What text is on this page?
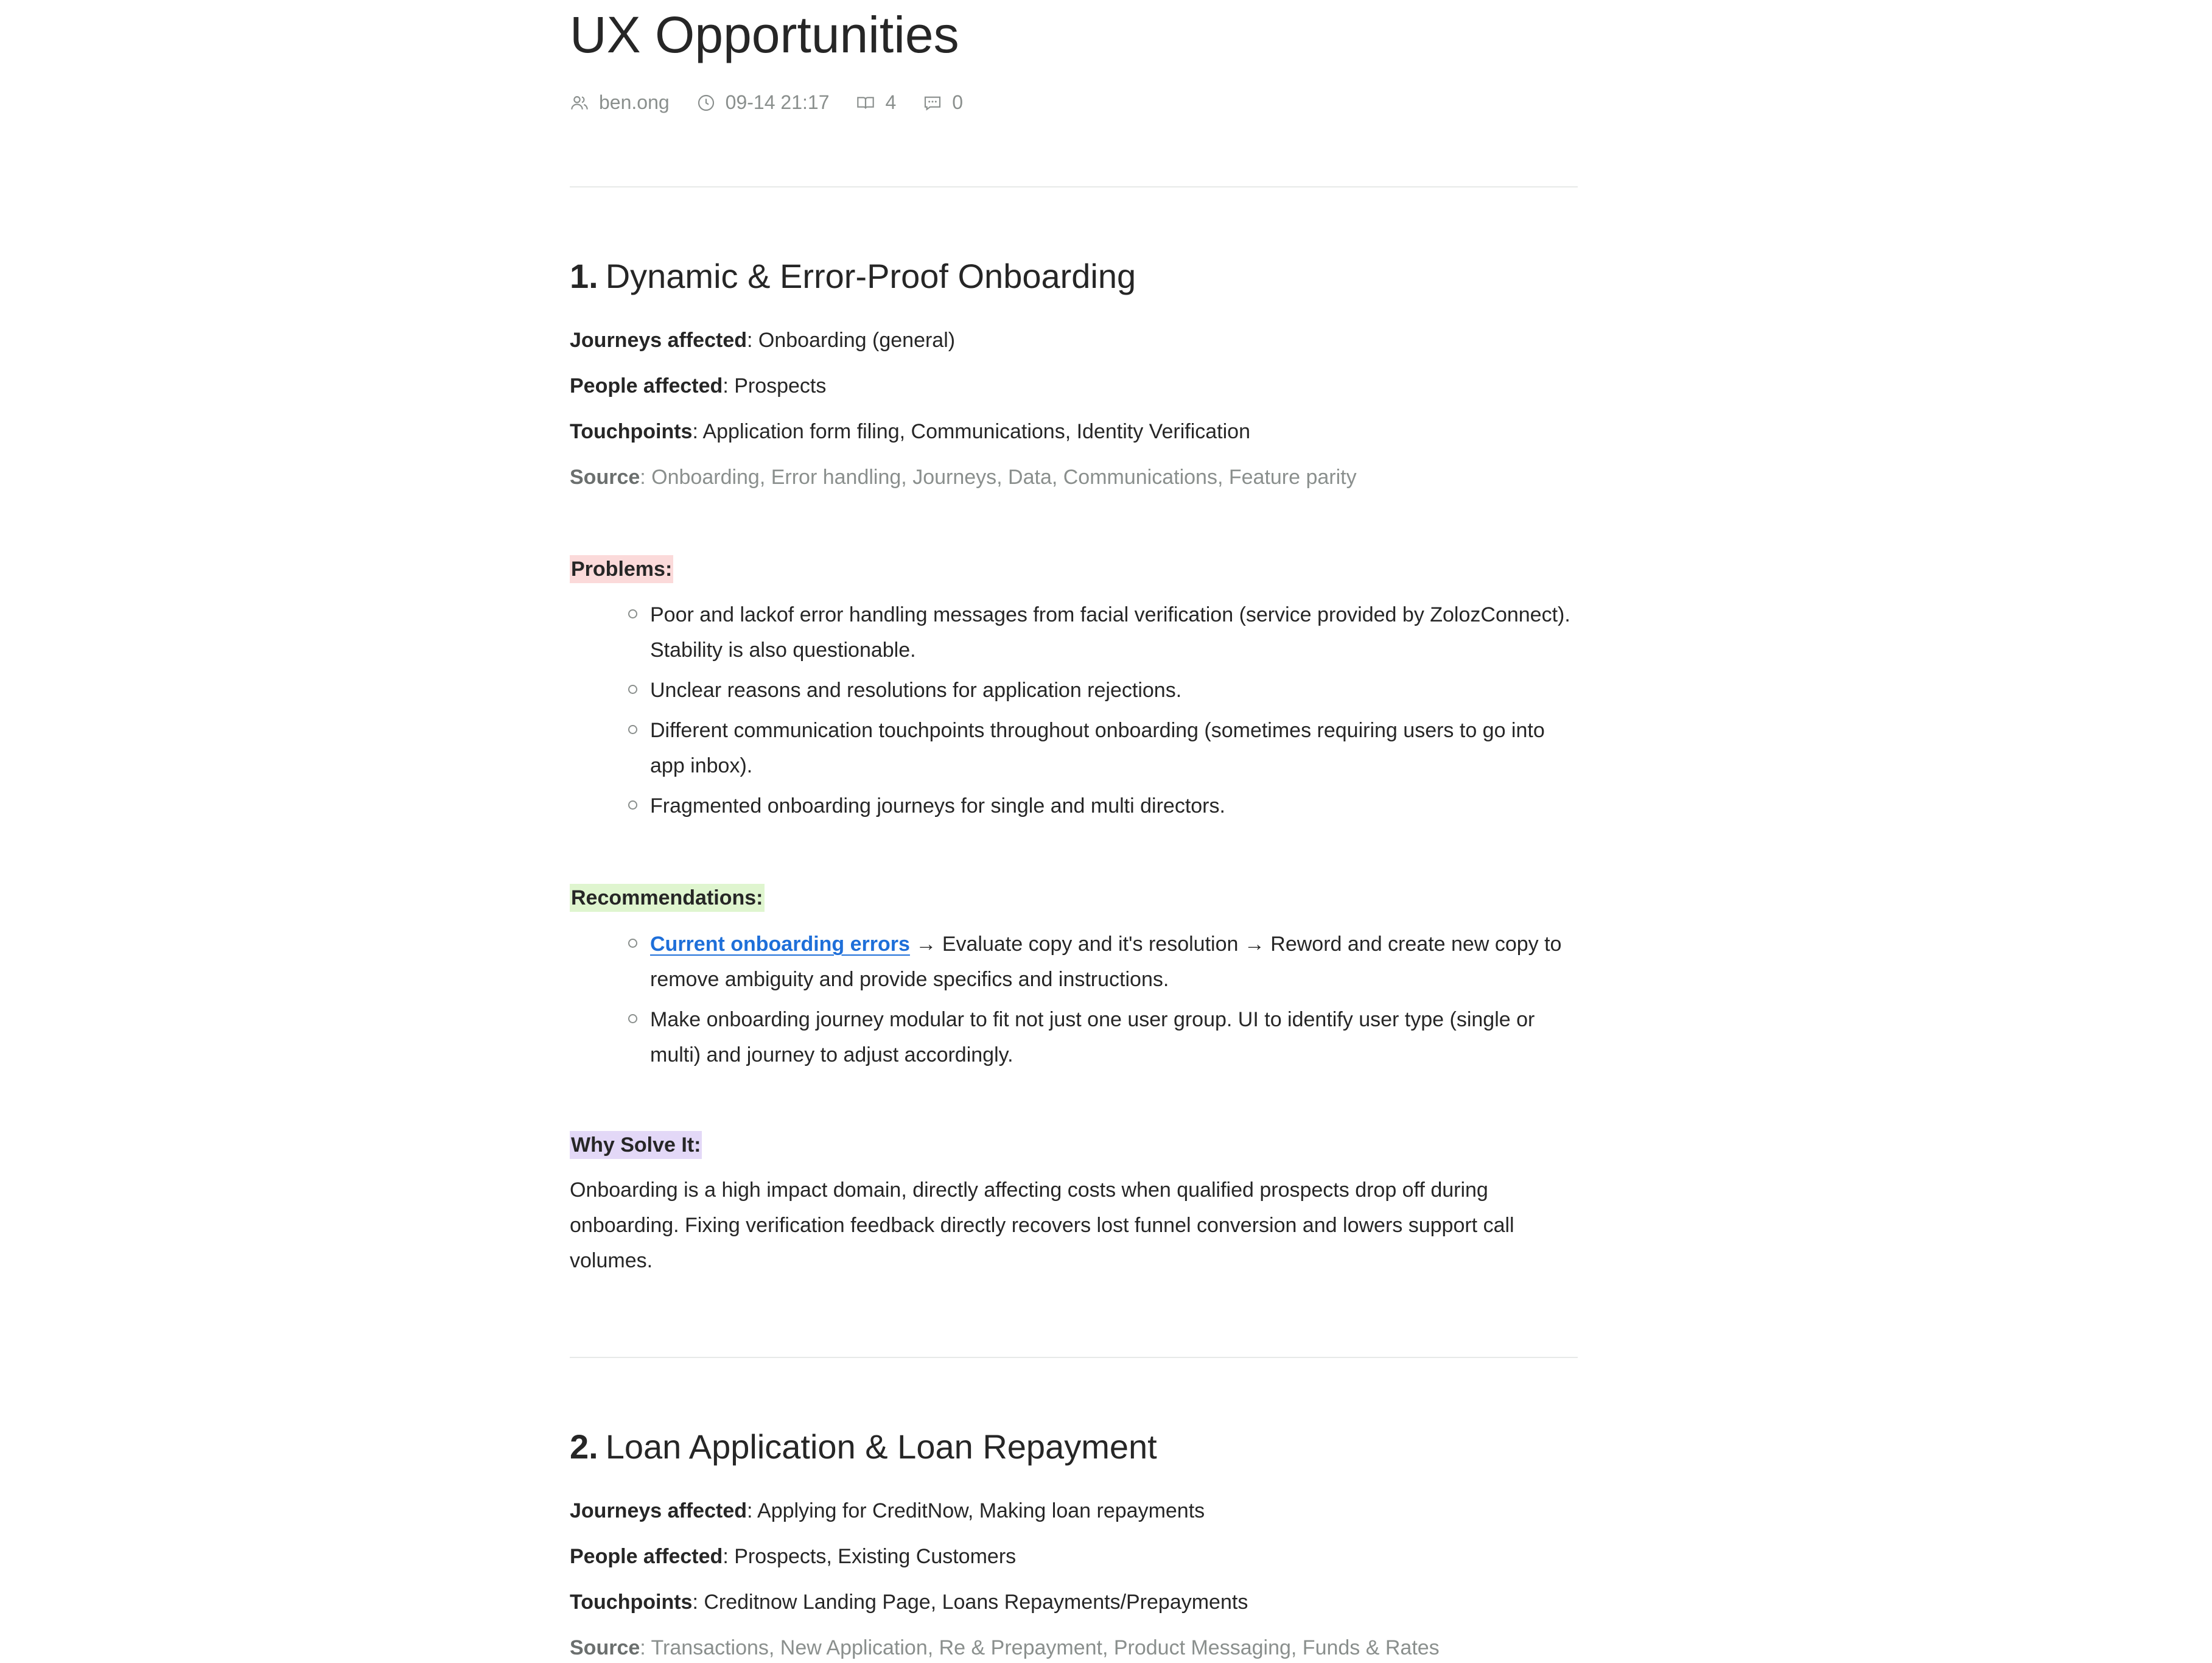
UX Opportunities
ben.ong	09-14 21:17	4	0
1. Dynamic & Error-Proof Onboarding
Journeys affected: Onboarding (general)
People affected: Prospects
Touchpoints: Application form filing, Communications, Identity Verification
Source: Onboarding, Error handling, Journeys, Data, Communications, Feature parity
Problems:
Poor and lackof error handling messages from facial verification (service provided by ZolozConnect). Stability is also questionable.
Unclear reasons and resolutions for application rejections.
Different communication touchpoints throughout onboarding (sometimes requiring users to go into app inbox).
Fragmented onboarding journeys for single and multi directors.
Recommendations:
Current onboarding errors → Evaluate copy and it's resolution → Reword and create new copy to remove ambiguity and provide specifics and instructions.
Make onboarding journey modular to fit not just one user group. UI to identify user type (single or multi) and journey to adjust accordingly.
Why Solve It:

Onboarding is a high impact domain, directly affecting costs when qualified prospects drop off during onboarding. Fixing verification feedback directly recovers lost funnel conversion and lowers support call volumes.

2. Loan Application & Loan Repayment
Journeys affected: Applying for CreditNow, Making loan repayments
People affected: Prospects, Existing Customers
Touchpoints: Creditnow Landing Page, Loans Repayments/Prepayments
Source: Transactions, New Application, Re & Prepayment, Product Messaging, Funds & Rates
